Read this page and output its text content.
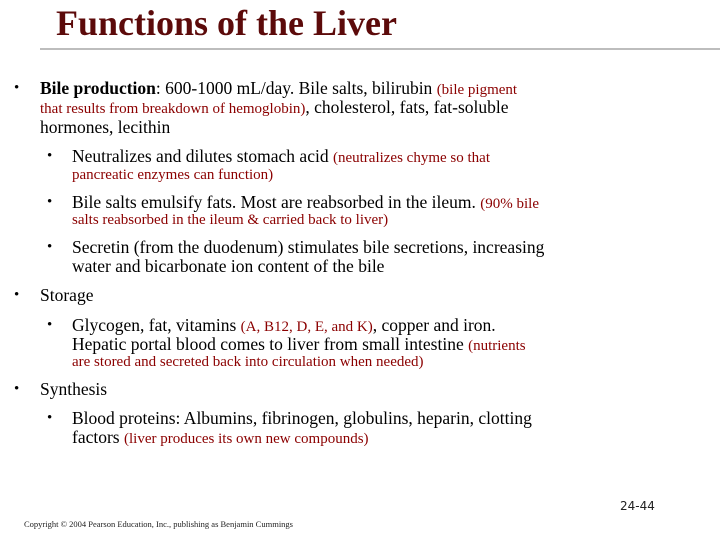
Functions of the Liver
• Bile production: 600-1000 mL/day. Bile salts, bilirubin (bile pigment
that results from breakdown of hemoglobin), cholesterol, fats, fat-soluble
hormones, lecithin
• Neutralizes and dilutes stomach acid (neutralizes chyme so that
pancreatic enzymes can function)
• Bile salts emulsify fats. Most are reabsorbed in the ileum. (90% bile
salts reabsorbed in the ileum & carried back to liver)
• Secretin (from the duodenum) stimulates bile secretions, increasing
water and bicarbonate ion content of the bile
• Storage
• Glycogen, fat, vitamins (A, B12, D, E, and K), copper and iron.
Hepatic portal blood comes to liver from small intestine (nutrients
are stored and secreted back into circulation when needed)
• Synthesis
• Blood proteins: Albumins, fibrinogen, globulins, heparin, clotting
factors (liver produces its own new compounds)
24-44
Copyright © 2004 Pearson Education, Inc., publishing as Benjamin Cummings
